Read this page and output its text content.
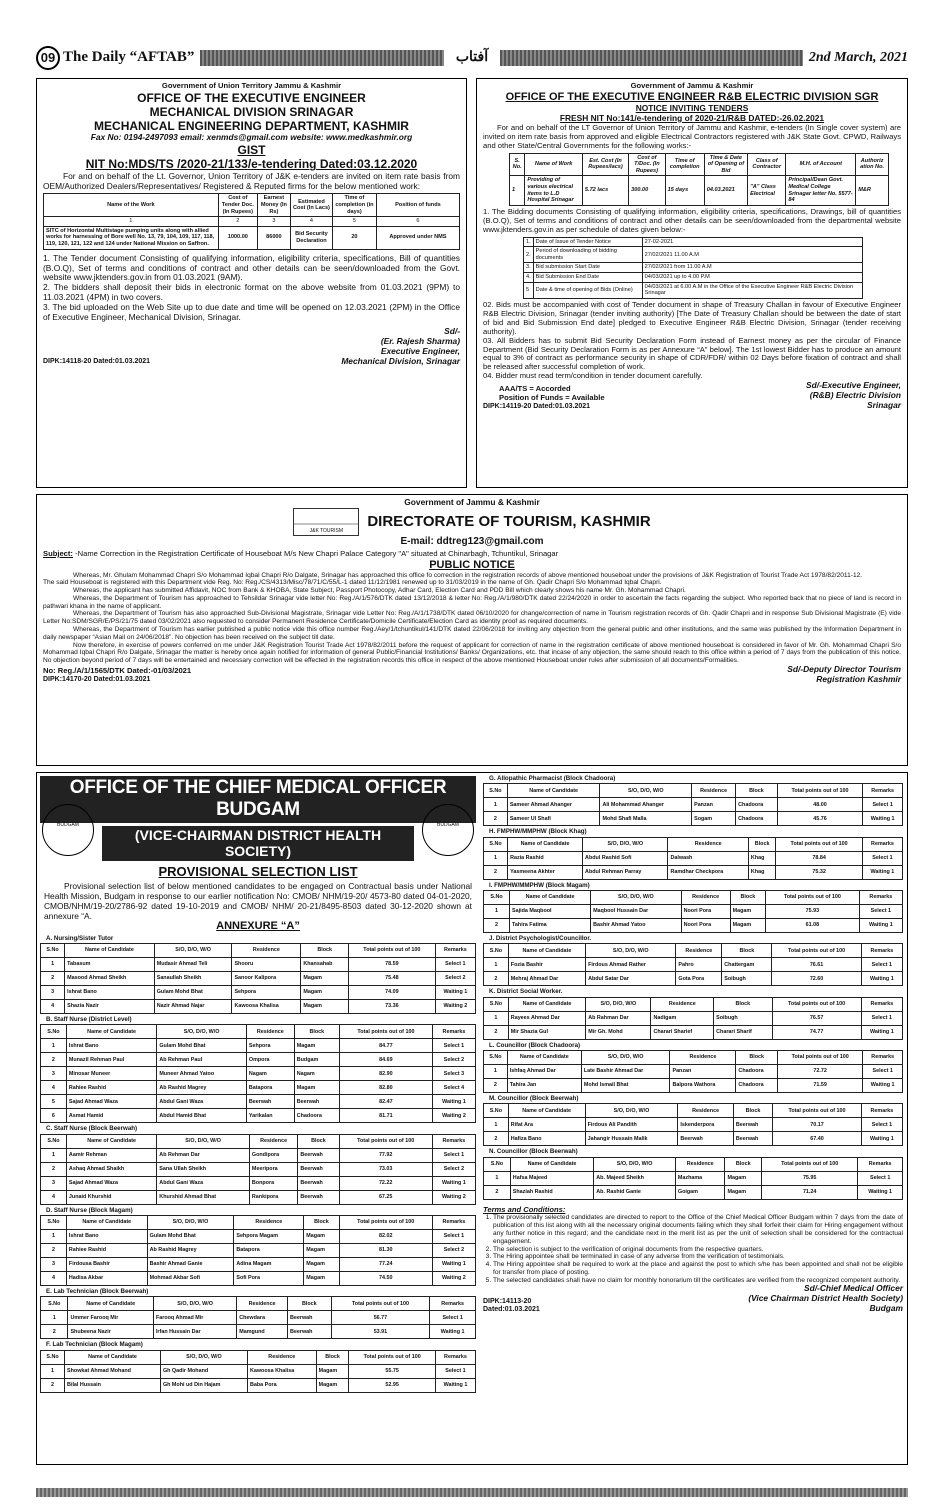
09 The Daily “AFTAB”	2nd March, 2021
آفتاب
Government of Union Territory Jammu & Kashmir
OFFICE OF THE EXECUTIVE ENGINEER
MECHANICAL DIVISION SRINAGAR
MECHANICAL ENGINEERING DEPARTMENT, KASHMIR
Fax No: 0194-2497093 email: xenmds@gmail.com website: www.medkashmir.org
GIST
NIT No:MDS/TS /2020-21/133/e-tendering Dated:03.12.2020
For and on behalf of the Lt. Governor, Union Territory of J&K e-tenders are invited on item rate basis from OEM/Authorized Dealers/Representatives/ Registered & Reputed firms for the below mentioned work:
Name of the Work	Cost of Tender Doc. (In Rupees)	Earnest Money (In Rs)	Estimated Cost (In Lacs)	Time of completion (in days)	Position of funds
1	2	3	4	5	6
SITC of Horizontal Multistage pumping units along with allied works for harnessing of Bore well No. 13, 79, 104, 109, 117, 118, 119, 120, 121, 122 and 124 under National Mission on Saffron.	1000.00	86000	Bid Security Declaration	20	Approved under NMS
1. The Tender document Consisting of qualifying information, eligibility criteria, specifications, Bill of quantities (B.O.Q), Set of terms and conditions of contract and other details can be seen/downloaded from the Govt. website www.jktenders.gov.in from 01.03.2021 (9AM).
2. The bidders shall deposit their bids in electronic format on the above website from 01.03.2021 (9PM) to 11.03.2021 (4PM) in two covers.
3. The bid uploaded on the Web Site up to due date and time will be opened on 12.03.2021 (2PM) in the Office of Executive Engineer, Mechanical Division, Srinagar.
Sd/-
(Er. Rajesh Sharma)
Executive Engineer,
DIPK:14118-20 Dated:01.03.2021	Mechanical Division, Srinagar
Government of Jammu & Kashmir
OFFICE OF THE EXECUTIVE ENGINEER R&B ELECTRIC DIVISION SGR
NOTICE INVITING TENDERS
FRESH NIT No:141/e-tendering of 2020-21/R&B DATED:-26.02.2021
For and on behalf of the LT Governor of Union Territory of Jammu and Kashmir, e-tenders (In Single cover system) are invited on item rate basis from approved and eligible Electrical Contractors registered with J&K State Govt. CPWD, Railways and other State/Central Governments for the following works:-
S. No.	Name of Work	Est. Cost (In Rupees/lacs)	Cost of T/Doc. (In Rupees)	Time of completion	Time & Date of Opening of Bid	Class of Contractor	M.H. of Account	Authoriz ation No.
1	Providing of various electrical items to L.D Hospital Srinagar	5.72 lacs	300.00	15 days	04.03.2021	"A" Class Electrical	Principal/Dean Govt. Medical College Srinagar letter No. 5577-84	M&R
1. The Bidding documents Consisting of qualifying information, eligibility criteria, specifications, Drawings, bill of quantities (B.O.Q), Set of terms and conditions of contract and other details can be seen/downloaded from the departmental website www.jktenders.gov.in as per schedule of dates given below:-
1.	Date of Issue of Tender Notice	27-02-2021
2.	Period of downloading of bidding documents	27/02/2021 11.00 A.M
3.	Bid submission Start Date	27/02/2021 from 11.00 A.M
4.	Bid Submission End Date	04/03/2021 up to 4.00 P.M
5	Date & time of opening of Bids (Online)	04/03/2021 at 6.00 A.M in the Office of the Executive Engineer R&B Electric Division Srinagar
02. Bids must be accompanied with cost of Tender document in shape of Treasury Challan in favour of Executive Engineer R&B Electric Division, Srinagar (tender inviting authority) [The Date of Treasury Challan should be between the date of start of bid and Bid Submission End date] pledged to Executive Engineer R&B Electric Division, Srinagar (tender receiving authority).
03. All Bidders has to submit Bid Security Declaration Form instead of Earnest money as per the circular of Finance Department (Bid Security Declaration Form is as per Annexure “A” below]. The 1st lowest Bidder has to produce an amount equal to 3% of contract as performance security in shape of CDR/FDR/ within 02 Days before fixation of contract and shall be released after successful completion of work.
04. Bidder must read term/condition in tender document carefully.
AAA/TS = Accorded
Position of Funds = Available
DIPK:14119-20 Dated:01.03.2021
Sd/-Executive Engineer,
(R&B) Electric Division
Srinagar
Government of Jammu & Kashmir
J&K TOURISM
DIRECTORATE OF TOURISM, KASHMIR
E-mail: ddtreg123@gmail.com
Subject: -Name Correction in the Registration Certificate of Houseboat M/s New Chapri Palace Category "A" situated at Chinarbagh, Tchuntikul, Srinagar
PUBLIC NOTICE
Whereas, Mr. Ghulam Mohammad Chapri S/o Mohammad Iqbal Chapri R/o Dalgate, Srinagar has approached this office fo correction in the registration records of above mentioned houseboat under the provisions of J&K Registration of Tourist Trade Act 1978/82/2011-12.
The said Houseboat is registered with this Department vide Reg. No: Reg./CS/4313/Misc/78/71/C/55/L-1 dated 11/12/1981 renewed up to 31/03/2019 in the name of Gh. Qadir Chapri S/o Mohammad Iqbal Chapri.
Whereas, the applicant has submitted Affidavit, NOC from Bank & KHOBA, State Subject, Passport Photocopy, Adhar Card, Election Card and PDD Bill which clearly shows his name Mr. Gh. Mohammad Chapri.
Whereas, the Department of Tourism has approached to Tehsildar Srinagar vide letter No: Reg./A/1/576/DTK dated 13/12/2018 & letter No: Reg./A/1/980/DTK dated 22/24/2020 in order to ascertain the facts regarding the subject. Who reported back that no piece of land is record in pathwari khana in the name of applicant.
Whereas, the Department of Tourism has also approached Sub-Divisional Magistrate, Srinagar vide Letter No: Reg./A/1/1738/DTK dated 06/10/2020 for change/correction of name in Tourism registration records of Gh. Qadir Chapri and in response Sub Divisional Magistrate (E) vide Letter No:SDM/SGR/E/PS/21/75 dated 03/02/2021 also requested to consider Permanent Residence Certificate/Domicile Certificate/Election Card as identity proof as required documents.
Whereas, the Department of Tourism has earlier published a public notice vide this office number Reg./Aey/1/tchuntikul/141/DTK dated 22/06/2018 for inviting any objection from the general public and other institutions, and the same was published by the Information Department in daily newspaper “Asian Mail on 24/06/2018”. No objection has been received on the subject till date.
Now therefore, in exercise of powers conferred on me under J&K Registration Tourist Trade Act 1978/82/2011 before the request of applicant for correction of name in the registration certificate of above mentioned houseboat is considered in favor of Mr. Gh. Mohammad Chapri S/o Mohammad Iqbal Chapri R/o Dalgate, Srinagar the matter is hereby once again notified for information of general Public/Financial Institutions/ Banks/ Organizations, etc. that incase of any objection, the same should reach to this office within a period of 7 days from the publication of this notice. No objection beyond period of 7 days will be entertained and necessary correction will be effected in the registration records this office in respect of the above mentioned Houseboat under rules after submission of all documents/Formalities.
No: Reg./A/1/1565/DTK Dated:-01/03/2021
DIPK:14170-20 Dated:01.03.2021
Sd/-Deputy Director Tourism
Registration Kashmir
OFFICE OF THE CHIEF MEDICAL OFFICER BUDGAM
(VICE-CHAIRMAN DISTRICT HEALTH SOCIETY)
BUDGAM	BUDGAM
PROVISIONAL SELECTION LIST
Provisional selection list of below mentioned candidates to be engaged on Contractual basis under National Health Mission, Budgam in response to our earlier notification No: CMOB/ NHM/19-20/ 4573-80 dated 04-01-2020, CMOB/NHM/19-20/2786-92 dated 19-10-2019 and CMOB/ NHM/ 20-21/8495-8503 dated 30-12-2020 shown at annexure “A.
ANNEXURE “A”
A. Nursing/Sister Tutor
S.No	Name of Candidate	S/O, D/O, W/O	Residence	Block	Total points out of 100	Remarks
1	Tabasum	Mudasir Ahmad Teli	Shooru	Khansahab	78.59	Select 1
2	Masood Ahmad Sheikh	Sanaullah Sheikh	Sanoor Kalipora	Magam	75.48	Select 2
3	Ishrat Bano	Gulam Mohd Bhat	Sehpora	Magam	74.09	Waiting 1
4	Shazia Nazir	Nazir Ahmad Najar	Kawoosa Khalisa	Magam	73.36	Waiting 2
B. Staff Nurse (District Level)
S.No	Name of Candidate	S/O, D/O, W/O	Residence	Block	Total points out of 100	Remarks
1	Ishrat Bano	Gulam Mohd Bhat	Sehpora	Magam	84.77	Select 1
2	Munazil Rehman Paul	Ab Rehman Paul	Ompora	Budgam	84.69	Select 2
3	Minosar Muneer	Muneer Ahmad Yatoo	Nagam	Nagam	82.90	Select 3
4	Rahiee Rashid	Ab Rashid Magrey	Batapora	Magam	82.80	Select 4
5	Sajad Ahmad Waza	Abdul Gani Waza	Beerwah	Beerwah	82.47	Waiting 1
6	Asmat Hamid	Abdul Hamid Bhat	Yarikalan	Chadoora	81.71	Waiting 2
C. Staff Nurse (Block Beerwah)
S.No	Name of Candidate	S/O, D/O, W/O	Residence	Block	Total points out of 100	Remarks
1	Aamir Rehman	Ab Rehman Dar	Gondipora	Beerwah	77.92	Select 1
2	Ashaq Ahmad Shaikh	Sana Ullah Sheikh	Meeripora	Beerwah	73.03	Select 2
3	Sajad Ahmad Waza	Abdul Gani Waza	Bonpora	Beerwah	72.22	Waiting 1
4	Junaid Khurshid	Khurshid Ahmad Bhat	Rankipora	Beerwah	67.25	Waiting 2
D. Staff Nurse (Block Magam)
S.No	Name of Candidate	S/O, D/O, W/O	Residence	Block	Total points out of 100	Remarks
1	Ishrat Bano	Gulam Mohd Bhat	Sehpora Magam	Magam	82.02	Select 1
2	Rahiee Rashid	Ab Rashid Magrey	Batapora	Magam	81.30	Select 2
3	Firdousa Bashir	Bashir Ahmad Ganie	Adina Magam	Magam	77.24	Waiting 1
4	Hadisa Akbar	Mohmad Akbar Sofi	Sofi Pora	Magam	74.50	Waiting 2
E. Lab Technician (Block Beerwah)
S.No	Name of Candidate	S/O, D/O, W/O	Residence	Block	Total points out of 100	Remarks
1	Ummer Farooq Mir	Farooq Ahmad Mir	Chewdara	Beerwah	56.77	Select 1
2	Shubeena Nazir	Irfan Hussain Dar	Mamgund	Beerwah	53.91	Waiting 1
F. Lab Technician (Block Magam)
S.No	Name of Candidate	S/O, D/O, W/O	Residence	Block	Total points out of 100	Remarks
1	Showkat Ahmad Mohand	Gh Qadir Mohand	Kawoosa Khalisa	Magam	55.75	Select 1
2	Bilal Hussain	Gh Mohi ud Din Hajam	Baba Pora	Magam	52.95	Waiting 1
G. Allopathic Pharmacist (Block Chadoora)
S.No	Name of Candidate	S/O, D/O, W/O	Residence	Block	Total points out of 100	Remarks
1	Sameer Ahmad Ahanger	Ali Mohammad Ahanger	Panzan	Chadoora	48.00	Select 1
2	Sameer Ul Shafi	Mohd Shafi Malla	Sogam	Chadoora	45.76	Waiting 1
H. FMPHW/MMPHW (Block Khag)
S.No	Name of Candidate	S/O, D/O, W/O	Residence	Block	Total points out of 100	Remarks
1	Razia Rashid	Abdul Rashid Sofi	Dalwash	Khag	78.84	Select 1
2	Yasmeena Akhter	Abdul Rehman Parray	Ramdhar Checkpora	Khag	75.32	Waiting 1
I. FMPHW/MMPHW (Block Magam)
S.No	Name of Candidate	S/O, D/O, W/O	Residence	Block	Total points out of 100	Remarks
1	Sajida Maqbool	Maqbool Hussain Dar	Noori Pora	Magam	75.93	Select 1
2	Tahira Fatima	Bashir Ahmad Yatoo	Noori Pora	Magam	61.08	Waiting 1
J. District Psychologist/Councillor.
S.No	Name of Candidate	S/O, D/O, W/O	Residence	Block	Total points out of 100	Remarks
1	Fozia Bashir	Firdous Ahmad Rather	Pahro	Chattergam	76.61	Select 1
2	Mehraj Ahmad Dar	Abdul Satar Dar	Gota Pora	Soibugh	72.60	Waiting 1
K. District Social Worker.
S.No	Name of Candidate	S/O, D/O, W/O	Residence	Block	Total points out of 100	Remarks
1	Rayees Ahmad Dar	Ab Rahman Dar	Nadigam	Soibugh	76.57	Select 1
2	Mir Shazia Gul	Mir Gh. Mohd	Charari Sharief	Charari Sharif	74.77	Waiting 1
L. Councillor (Block Chadoora)
S.No	Name of Candidate	S/O, D/O, W/O	Residence	Block	Total points out of 100	Remarks
1	Ishfaq Ahmad Dar	Late Bashir Ahmad Dar	Panzan	Chadoora	72.72	Select 1
2	Tahira Jan	Mohd Ismail Bhat	Balpora Wathora	Chadoora	71.59	Waiting 1
M. Councillor (Block Beerwah)
S.No	Name of Candidate	S/O, D/O, W/O	Residence	Block	Total points out of 100	Remarks
1	Rifat Ara	Firdous Ali Pandith	Iskenderpora	Beerwah	70.17	Select 1
2	Hafiza Bano	Jahangir Hussain Malik	Beerwah	Beerwah	67.40	Waiting 1
N. Councillor (Block Beerwah)
S.No	Name of Candidate	S/O, D/O, W/O	Residence	Block	Total points out of 100	Remarks
1	Hafsa Majeed	Ab. Majeed Sheikh	Mazhama	Magam	75.95	Select 1
2	Shaziah Rashid	Ab. Rashid Ganie	Goigam	Magam	71.24	Waiting 1
Terms and Conditions:
1. The provisionally selected candidates are directed to report to the Office of the Chief Medical Officer Budgam within 7 days from the date of publication of this list along with all the necessary original documents failing which they shall forfeit their claim for Hiring engagement without any further notice in this regard; and the candidate next in the merit list as per the unit of selection shall be considered for the contractual engagement.
2. The selection is subject to the verification of original documents from the respective quarters.
3. The Hiring appointee shall be terminated in case of any adverse from the verification of testimonials.
4. The Hiring appointee shall be required to work at the place and against the post to which s/he has been appointed and shall not be eligible for transfer from place of posting.
5. The selected candidates shall have no claim for monthly honorarium till the certificates are verified from the recognized competent authority.
DIPK:14113-20
Dated:01.03.2021
Sd/-Chief Medical Officer
(Vice Chairman District Health Society)
Budgam
